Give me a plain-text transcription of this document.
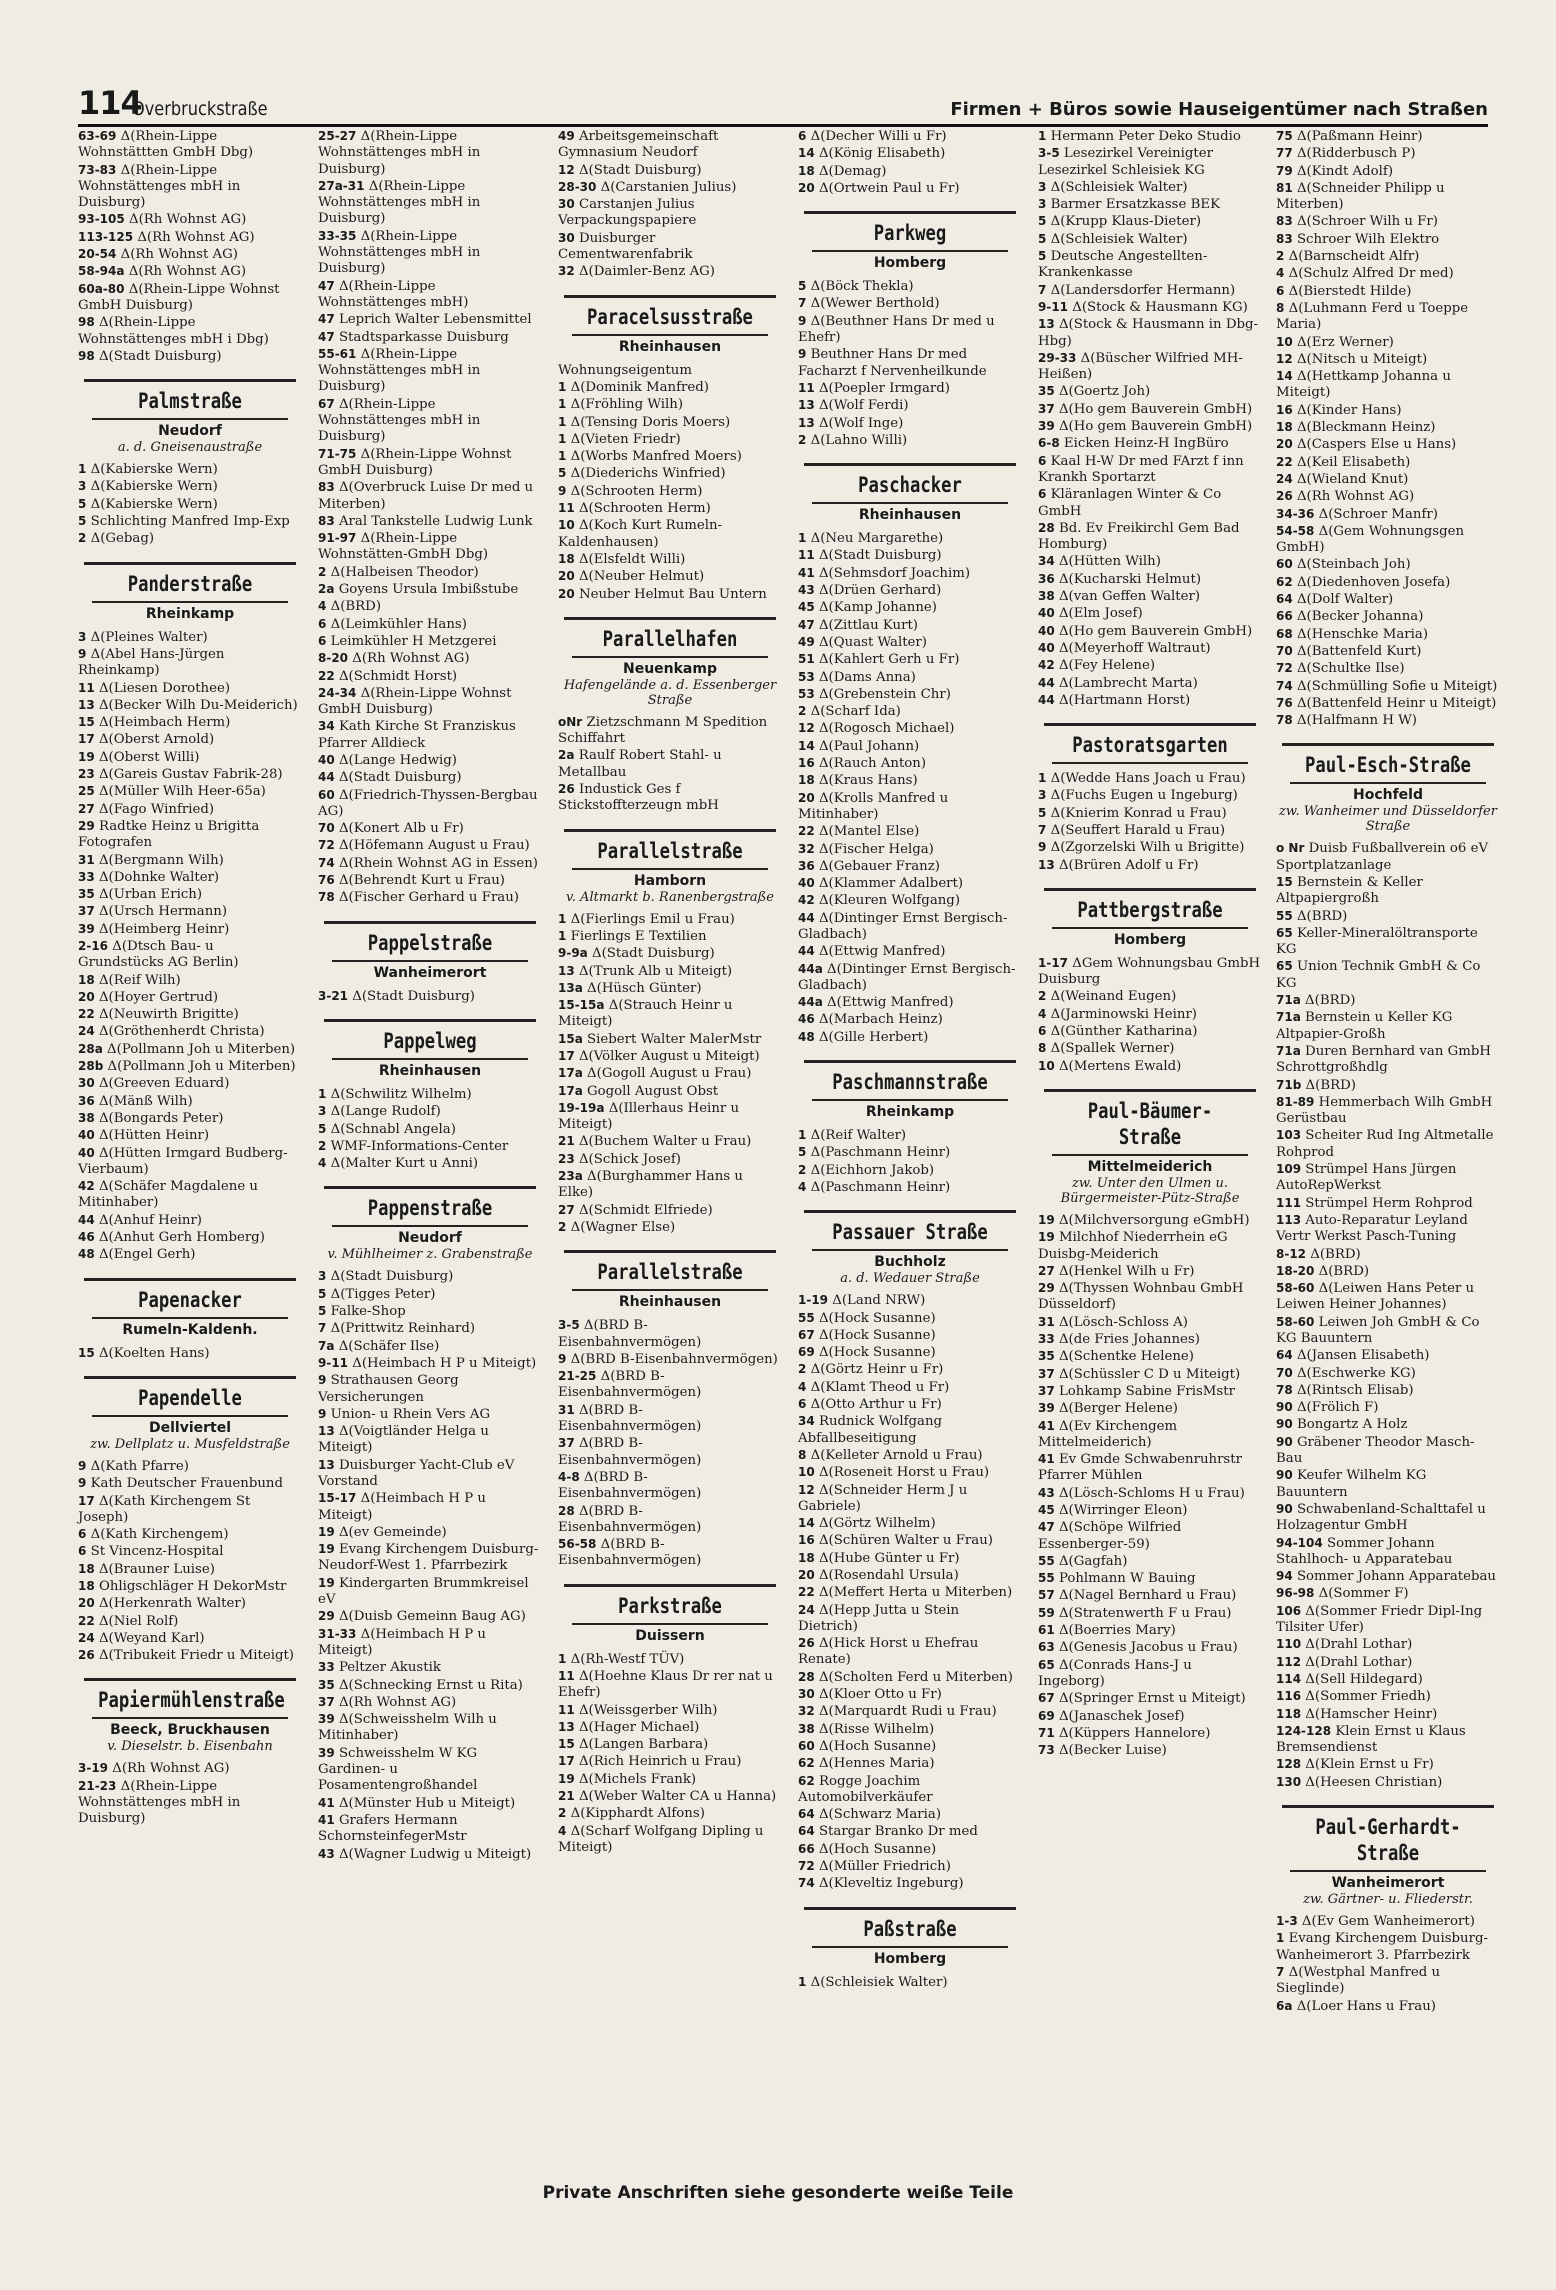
114
Overbruckstraße	Firmen + Büros sowie Hauseigentümer nach Straßen
63-69 Δ(Rhein-Lippe Wohnstättten GmbH Dbg)
73-83 Δ(Rhein-Lippe Wohnstättenges mbH in Duisburg)
93-105 Δ(Rh Wohnst AG)
113-125 Δ(Rh Wohnst AG)
20-54 Δ(Rh Wohnst AG)
58-94a Δ(Rh Wohnst AG)
60a-80 Δ(Rhein-Lippe Wohnst GmbH Duisburg)
98 Δ(Rhein-Lippe Wohnstättenges mbH i Dbg)
98 Δ(Stadt Duisburg)
Palmstraße
Neudorf
a. d. Gneisenaustraße
1 Δ(Kabierske Wern)
3 Δ(Kabierske Wern)
5 Δ(Kabierske Wern)
5 Schlichting Manfred Imp-Exp
2 Δ(Gebag)
Panderstraße
Rheinkamp
3 Δ(Pleines Walter)
9 Δ(Abel Hans-Jürgen Rheinkamp)
11 Δ(Liesen Dorothee)
13 Δ(Becker Wilh Du-Meiderich)
15 Δ(Heimbach Herm)
17 Δ(Oberst Arnold)
19 Δ(Oberst Willi)
23 Δ(Gareis Gustav Fabrik-28)
25 Δ(Müller Wilh Heer-65a)
27 Δ(Fago Winfried)
29 Radtke Heinz u Brigitta Fotografen
31 Δ(Bergmann Wilh)
33 Δ(Dohnke Walter)
35 Δ(Urban Erich)
37 Δ(Ursch Hermann)
39 Δ(Heimberg Heinr)
2-16 Δ(Dtsch Bau- u Grundstücks AG Berlin)
18 Δ(Reif Wilh)
20 Δ(Hoyer Gertrud)
22 Δ(Neuwirth Brigitte)
24 Δ(Gröthenherdt Christa)
28a Δ(Pollmann Joh u Miterben)
28b Δ(Pollmann Joh u Miterben)
30 Δ(Greeven Eduard)
36 Δ(Mänß Wilh)
38 Δ(Bongards Peter)
40 Δ(Hütten Heinr)
40 Δ(Hütten Irmgard Budberg-Vierbaum)
42 Δ(Schäfer Magdalene u Mitinhaber)
44 Δ(Anhuf Heinr)
46 Δ(Anhut Gerh Homberg)
48 Δ(Engel Gerh)
Papenacker
Rumeln-Kaldenh.
15 Δ(Koelten Hans)
Papendelle
Dellviertel
zw. Dellplatz u. Musfeldstraße
9 Δ(Kath Pfarre)
9 Kath Deutscher Frauenbund
17 Δ(Kath Kirchengem St Joseph)
6 Δ(Kath Kirchengem)
6 St Vincenz-Hospital
18 Δ(Brauner Luise)
18 Ohligschläger H DekorMstr
20 Δ(Herkenrath Walter)
22 Δ(Niel Rolf)
24 Δ(Weyand Karl)
26 Δ(Tribukeit Friedr u Miteigt)
Papiermühlenstraße
Beeck, Bruckhausen
v. Dieselstr. b. Eisenbahn
3-19 Δ(Rh Wohnst AG)
21-23 Δ(Rhein-Lippe Wohnstättenges mbH in Duisburg)
25-27 Δ(Rhein-Lippe Wohnstättenges mbH in Duisburg)
27a-31 Δ(Rhein-Lippe Wohnstättenges mbH in Duisburg)
33-35 Δ(Rhein-Lippe Wohnstättenges mbH in Duisburg)
47 Δ(Rhein-Lippe Wohnstättenges mbH)
47 Leprich Walter Lebensmittel
47 Stadtsparkasse Duisburg
55-61 Δ(Rhein-Lippe Wohnstättenges mbH in Duisburg)
67 Δ(Rhein-Lippe Wohnstättenges mbH in Duisburg)
71-75 Δ(Rhein-Lippe Wohnst GmbH Duisburg)
83 Δ(Overbruck Luise Dr med u Miterben)
83 Aral Tankstelle Ludwig Lunk
91-97 Δ(Rhein-Lippe Wohnstätten-GmbH Dbg)
2 Δ(Halbeisen Theodor)
2a Goyens Ursula Imbißstube
4 Δ(BRD)
6 Δ(Leimkühler Hans)
6 Leimkühler H Metzgerei
8-20 Δ(Rh Wohnst AG)
22 Δ(Schmidt Horst)
24-34 Δ(Rhein-Lippe Wohnst GmbH Duisburg)
34 Kath Kirche St Franziskus Pfarrer Alldieck
40 Δ(Lange Hedwig)
44 Δ(Stadt Duisburg)
60 Δ(Friedrich-Thyssen-Bergbau AG)
70 Δ(Konert Alb u Fr)
72 Δ(Höfemann August u Frau)
74 Δ(Rhein Wohnst AG in Essen)
76 Δ(Behrendt Kurt u Frau)
78 Δ(Fischer Gerhard u Frau)
Pappelstraße
Wanheimerort
3-21 Δ(Stadt Duisburg)
Pappelweg
Rheinhausen
1 Δ(Schwilitz Wilhelm)
3 Δ(Lange Rudolf)
5 Δ(Schnabl Angela)
2 WMF-Informations-Center
4 Δ(Malter Kurt u Anni)
Pappenstraße
Neudorf
v. Mühlheimer z. Grabenstraße
3 Δ(Stadt Duisburg)
5 Δ(Tigges Peter)
5 Falke-Shop
7 Δ(Prittwitz Reinhard)
7a Δ(Schäfer Ilse)
9-11 Δ(Heimbach H P u Miteigt)
9 Strathausen Georg Versicherungen
9 Union- u Rhein Vers AG
13 Δ(Voigtländer Helga u Miteigt)
13 Duisburger Yacht-Club eV Vorstand
15-17 Δ(Heimbach H P u Miteigt)
19 Δ(ev Gemeinde)
19 Evang Kirchengem Duisburg-Neudorf-West 1. Pfarrbezirk
19 Kindergarten Brummkreisel eV
29 Δ(Duisb Gemeinn Baug AG)
31-33 Δ(Heimbach H P u Miteigt)
33 Peltzer Akustik
35 Δ(Schnecking Ernst u Rita)
37 Δ(Rh Wohnst AG)
39 Δ(Schweisshelm Wilh u Mitinhaber)
39 Schweisshelm W KG Gardinen- u Posamentengroßhandel
41 Δ(Münster Hub u Miteigt)
41 Grafers Hermann SchornsteinfegerMstr
43 Δ(Wagner Ludwig u Miteigt)
49 Arbeitsgemeinschaft Gymnasium Neudorf
12 Δ(Stadt Duisburg)
28-30 Δ(Carstanien Julius)
30 Carstanjen Julius Verpackungspapiere
30 Duisburger Cementwarenfabrik
32 Δ(Daimler-Benz AG)
Paracelsusstraße
Rheinhausen
Wohnungseigentum
1 Δ(Dominik Manfred)
1 Δ(Fröhling Wilh)
1 Δ(Tensing Doris Moers)
1 Δ(Vieten Friedr)
1 Δ(Worbs Manfred Moers)
5 Δ(Diederichs Winfried)
9 Δ(Schrooten Herm)
11 Δ(Schrooten Herm)
10 Δ(Koch Kurt Rumeln-Kaldenhausen)
18 Δ(Elsfeldt Willi)
20 Δ(Neuber Helmut)
20 Neuber Helmut Bau Untern
Parallelhafen
Neuenkamp
Hafengelände a. d. Essenberger Straße
oNr Zietzschmann M Spedition Schiffahrt
2a Raulf Robert Stahl- u Metallbau
26 Industick Ges f Stickstoffterzeugn mbH
Parallelstraße
Hamborn
v. Altmarkt b. Ranenbergstraße
1 Δ(Fierlings Emil u Frau)
1 Fierlings E Textilien
9-9a Δ(Stadt Duisburg)
13 Δ(Trunk Alb u Miteigt)
13a Δ(Hüsch Günter)
15-15a Δ(Strauch Heinr u Miteigt)
15a Siebert Walter MalerMstr
17 Δ(Völker August u Miteigt)
17a Δ(Gogoll August u Frau)
17a Gogoll August Obst
19-19a Δ(Illerhaus Heinr u Miteigt)
21 Δ(Buchem Walter u Frau)
23 Δ(Schick Josef)
23a Δ(Burghammer Hans u Elke)
27 Δ(Schmidt Elfriede)
2 Δ(Wagner Else)
Parallelstraße
Rheinhausen
3-5 Δ(BRD B-Eisenbahnvermögen)
9 Δ(BRD B-Eisenbahnvermögen)
21-25 Δ(BRD B-Eisenbahnvermögen)
31 Δ(BRD B-Eisenbahnvermögen)
37 Δ(BRD B-Eisenbahnvermögen)
4-8 Δ(BRD B-Eisenbahnvermögen)
28 Δ(BRD B-Eisenbahnvermögen)
56-58 Δ(BRD B-Eisenbahnvermögen)
Parkstraße
Duissern
1 Δ(Rh-Westf TÜV)
11 Δ(Hoehne Klaus Dr rer nat u Ehefr)
11 Δ(Weissgerber Wilh)
13 Δ(Hager Michael)
15 Δ(Langen Barbara)
17 Δ(Rich Heinrich u Frau)
19 Δ(Michels Frank)
21 Δ(Weber Walter CA u Hanna)
2 Δ(Kipphardt Alfons)
4 Δ(Scharf Wolfgang Dipling u Miteigt)
6 Δ(Decher Willi u Fr)
14 Δ(König Elisabeth)
18 Δ(Demag)
20 Δ(Ortwein Paul u Fr)
Parkweg
Homberg
5 Δ(Böck Thekla)
7 Δ(Wewer Berthold)
9 Δ(Beuthner Hans Dr med u Ehefr)
9 Beuthner Hans Dr med Facharzt f Nervenheilkunde
11 Δ(Poepler Irmgard)
13 Δ(Wolf Ferdi)
13 Δ(Wolf Inge)
2 Δ(Lahno Willi)
Paschacker
Rheinhausen
1 Δ(Neu Margarethe)
11 Δ(Stadt Duisburg)
41 Δ(Sehmsdorf Joachim)
43 Δ(Drüen Gerhard)
45 Δ(Kamp Johanne)
47 Δ(Zittlau Kurt)
49 Δ(Quast Walter)
51 Δ(Kahlert Gerh u Fr)
53 Δ(Dams Anna)
53 Δ(Grebenstein Chr)
2 Δ(Scharf Ida)
12 Δ(Rogosch Michael)
14 Δ(Paul Johann)
16 Δ(Rauch Anton)
18 Δ(Kraus Hans)
20 Δ(Krolls Manfred u Mitinhaber)
22 Δ(Mantel Else)
32 Δ(Fischer Helga)
36 Δ(Gebauer Franz)
40 Δ(Klammer Adalbert)
42 Δ(Kleuren Wolfgang)
44 Δ(Dintinger Ernst Bergisch-Gladbach)
44 Δ(Ettwig Manfred)
44a Δ(Dintinger Ernst Bergisch-Gladbach)
44a Δ(Ettwig Manfred)
46 Δ(Marbach Heinz)
48 Δ(Gille Herbert)
Paschmannstraße
Rheinkamp
1 Δ(Reif Walter)
5 Δ(Paschmann Heinr)
2 Δ(Eichhorn Jakob)
4 Δ(Paschmann Heinr)
Passauer Straße
Buchholz
a. d. Wedauer Straße
1-19 Δ(Land NRW)
55 Δ(Hock Susanne)
67 Δ(Hock Susanne)
69 Δ(Hock Susanne)
2 Δ(Görtz Heinr u Fr)
4 Δ(Klamt Theod u Fr)
6 Δ(Otto Arthur u Fr)
34 Rudnick Wolfgang Abfallbeseitigung
8 Δ(Kelleter Arnold u Frau)
10 Δ(Roseneit Horst u Frau)
12 Δ(Schneider Herm J u Gabriele)
14 Δ(Görtz Wilhelm)
16 Δ(Schüren Walter u Frau)
18 Δ(Hube Günter u Fr)
20 Δ(Rosendahl Ursula)
22 Δ(Meffert Herta u Miterben)
24 Δ(Hepp Jutta u Stein Dietrich)
26 Δ(Hick Horst u Ehefrau Renate)
28 Δ(Scholten Ferd u Miterben)
30 Δ(Kloer Otto u Fr)
32 Δ(Marquardt Rudi u Frau)
38 Δ(Risse Wilhelm)
60 Δ(Hoch Susanne)
62 Δ(Hennes Maria)
62 Rogge Joachim Automobilverkäufer
64 Δ(Schwarz Maria)
64 Stargar Branko Dr med
66 Δ(Hoch Susanne)
72 Δ(Müller Friedrich)
74 Δ(Kleveltiz Ingeburg)
Paßstraße
Homberg
1 Δ(Schleisiek Walter)
1 Hermann Peter Deko Studio
3-5 Lesezirkel Vereinigter Lesezirkel Schleisiek KG
3 Δ(Schleisiek Walter)
3 Barmer Ersatzkasse BEK
5 Δ(Krupp Klaus-Dieter)
5 Δ(Schleisiek Walter)
5 Deutsche Angestellten-Krankenkasse
7 Δ(Landersdorfer Hermann)
9-11 Δ(Stock & Hausmann KG)
13 Δ(Stock & Hausmann in Dbg-Hbg)
29-33 Δ(Büscher Wilfried MH-Heißen)
35 Δ(Goertz Joh)
37 Δ(Ho gem Bauverein GmbH)
39 Δ(Ho gem Bauverein GmbH)
6-8 Eicken Heinz-H IngBüro
6 Kaal H-W Dr med FArzt f inn Krankh Sportarzt
6 Kläranlagen Winter & Co GmbH
28 Bd. Ev Freikirchl Gem Bad Homburg)
34 Δ(Hütten Wilh)
36 Δ(Kucharski Helmut)
38 Δ(van Geffen Walter)
40 Δ(Elm Josef)
40 Δ(Ho gem Bauverein GmbH)
40 Δ(Meyerhoff Waltraut)
42 Δ(Fey Helene)
44 Δ(Lambrecht Marta)
44 Δ(Hartmann Horst)
Pastoratsgarten
1 Δ(Wedde Hans Joach u Frau)
3 Δ(Fuchs Eugen u Ingeburg)
5 Δ(Knierim Konrad u Frau)
7 Δ(Seuffert Harald u Frau)
9 Δ(Zgorzelski Wilh u Brigitte)
13 Δ(Brüren Adolf u Fr)
Pattbergstraße
Homberg
1-17 ΔGem Wohnungsbau GmbH Duisburg
2 Δ(Weinand Eugen)
4 Δ(Jarminowski Heinr)
6 Δ(Günther Katharina)
8 Δ(Spallek Werner)
10 Δ(Mertens Ewald)
Paul-Bäumer-Straße
Mittelmeiderich
zw. Unter den Ulmen u. Bürgermeister-Pütz-Straße
19 Δ(Milchversorgung eGmbH)
19 Milchhof Niederrhein eG Duisbg-Meiderich
27 Δ(Henkel Wilh u Fr)
29 Δ(Thyssen Wohnbau GmbH Düsseldorf)
31 Δ(Lösch-Schloss A)
33 Δ(de Fries Johannes)
35 Δ(Schentke Helene)
37 Δ(Schüssler C D u Miteigt)
37 Lohkamp Sabine FrisMstr
39 Δ(Berger Helene)
41 Δ(Ev Kirchengem Mittelmeiderich)
41 Ev Gmde Schwabenruhrstr Pfarrer Mühlen
43 Δ(Lösch-Schloms H u Frau)
45 Δ(Wirringer Eleon)
47 Δ(Schöpe Wilfried Essenberger-59)
55 Δ(Gagfah)
55 Pohlmann W Bauing
57 Δ(Nagel Bernhard u Frau)
59 Δ(Stratenwerth F u Frau)
61 Δ(Boerries Mary)
63 Δ(Genesis Jacobus u Frau)
65 Δ(Conrads Hans-J u Ingeborg)
67 Δ(Springer Ernst u Miteigt)
69 Δ(Janaschek Josef)
71 Δ(Küppers Hannelore)
73 Δ(Becker Luise)
75 Δ(Paßmann Heinr)
77 Δ(Ridderbusch P)
79 Δ(Kindt Adolf)
81 Δ(Schneider Philipp u Miterben)
83 Δ(Schroer Wilh u Fr)
83 Schroer Wilh Elektro
2 Δ(Barnscheidt Alfr)
4 Δ(Schulz Alfred Dr med)
6 Δ(Bierstedt Hilde)
8 Δ(Luhmann Ferd u Toeppe Maria)
10 Δ(Erz Werner)
12 Δ(Nitsch u Miteigt)
14 Δ(Hettkamp Johanna u Miteigt)
16 Δ(Kinder Hans)
18 Δ(Bleckmann Heinz)
20 Δ(Caspers Else u Hans)
22 Δ(Keil Elisabeth)
24 Δ(Wieland Knut)
26 Δ(Rh Wohnst AG)
34-36 Δ(Schroer Manfr)
54-58 Δ(Gem Wohnungsgen GmbH)
60 Δ(Steinbach Joh)
62 Δ(Diedenhoven Josefa)
64 Δ(Dolf Walter)
66 Δ(Becker Johanna)
68 Δ(Henschke Maria)
70 Δ(Battenfeld Kurt)
72 Δ(Schultke Ilse)
74 Δ(Schmülling Sofie u Miteigt)
76 Δ(Battenfeld Heinr u Miteigt)
78 Δ(Halfmann H W)
Paul-Esch-Straße
Hochfeld
zw. Wanheimer und Düsseldorfer Straße
o Nr Duisb Fußballverein o6 eV Sportplatzanlage
15 Bernstein & Keller Altpapiergroßh
55 Δ(BRD)
65 Keller-Mineralöltransporte KG
65 Union Technik GmbH & Co KG
71a Δ(BRD)
71a Bernstein u Keller KG Altpapier-Großh
71a Duren Bernhard van GmbH Schrottgroßhdlg
71b Δ(BRD)
81-89 Hemmerbach Wilh GmbH Gerüstbau
103 Scheiter Rud Ing Altmetalle Rohprod
109 Strümpel Hans Jürgen AutoRepWerkst
111 Strümpel Herm Rohprod
113 Auto-Reparatur Leyland Vertr Werkst Pasch-Tuning
8-12 Δ(BRD)
18-20 Δ(BRD)
58-60 Δ(Leiwen Hans Peter u Leiwen Heiner Johannes)
58-60 Leiwen Joh GmbH & Co KG Bauuntern
64 Δ(Jansen Elisabeth)
70 Δ(Eschwerke KG)
78 Δ(Rintsch Elisab)
90 Δ(Frölich F)
90 Bongartz A Holz
90 Gräbener Theodor Masch-Bau
90 Keufer Wilhelm KG Bauuntern
90 Schwabenland-Schalttafel u Holzagentur GmbH
94-104 Sommer Johann Stahlhoch- u Apparatebau
94 Sommer Johann Apparatebau
96-98 Δ(Sommer F)
106 Δ(Sommer Friedr Dipl-Ing Tilsiter Ufer)
110 Δ(Drahl Lothar)
112 Δ(Drahl Lothar)
114 Δ(Sell Hildegard)
116 Δ(Sommer Friedh)
118 Δ(Hamscher Heinr)
124-128 Klein Ernst u Klaus Bremsendienst
128 Δ(Klein Ernst u Fr)
130 Δ(Heesen Christian)
Paul-Gerhardt-Straße
Wanheimerort
zw. Gärtner- u. Fliederstr.
1-3 Δ(Ev Gem Wanheimerort)
1 Evang Kirchengem Duisburg-Wanheimerort 3. Pfarrbezirk
7 Δ(Westphal Manfred u Sieglinde)
6a Δ(Loer Hans u Frau)
Private Anschriften siehe gesonderte weiße Teile
